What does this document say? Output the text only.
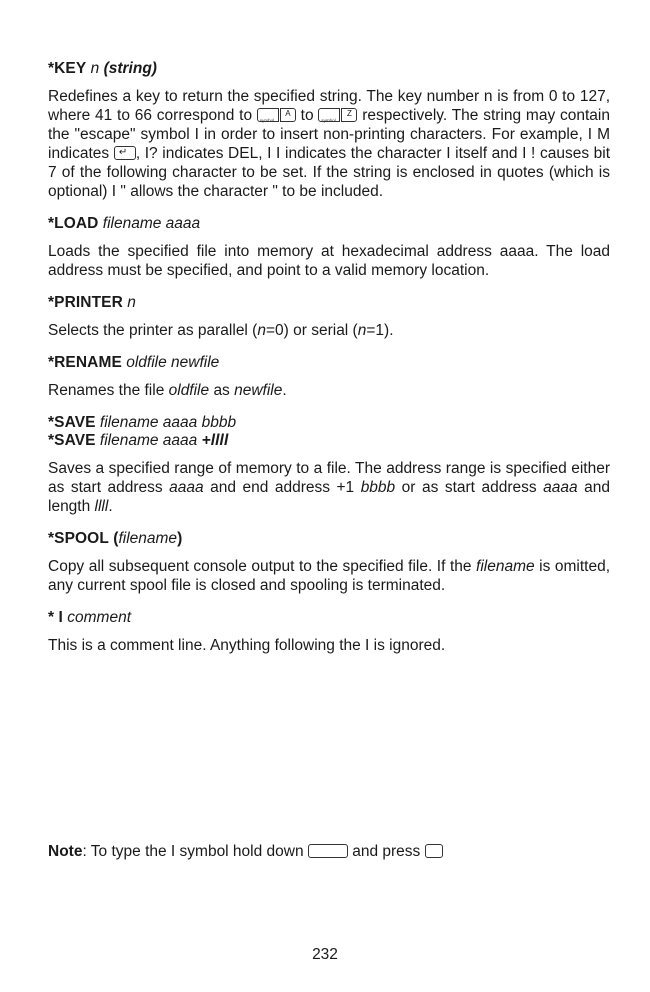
*KEY n (string)

Redefines a key to return the specified string. The key number n is from 0 to 127, where 41 to 66 correspond to symbol
A to symbol
Z respectively. The string may contain the "escape" symbol I in order to insert non-printing characters. For example, I M indicates ↵ , I? indicates DEL, I I indicates the character I itself and I ! causes bit 7 of the following character to be set. If the string is enclosed in quotes (which is optional) I " allows the character " to be included.

*LOAD filename aaaa

Loads the specified file into memory at hexadecimal address aaaa. The load address must be specified, and point to a valid memory location.

*PRINTER n

Selects the printer as parallel (n=0) or serial (n=1).

*RENAME oldfile newfile

Renames the file oldfile as newfile.

*SAVE filename aaaa bbbb

*SAVE filename aaaa +llll

Saves a specified range of memory to a file. The address range is specified either as start address aaaa and end address +1 bbbb or as start address aaaa and length llll.

*SPOOL (filename)

Copy all subsequent console output to the specified file. If the filename is omitted, any current spool file is closed and spooling is terminated.

* I comment

This is a comment line. Anything following the I is ignored.

Note: To type the I symbol hold down	and press
232
